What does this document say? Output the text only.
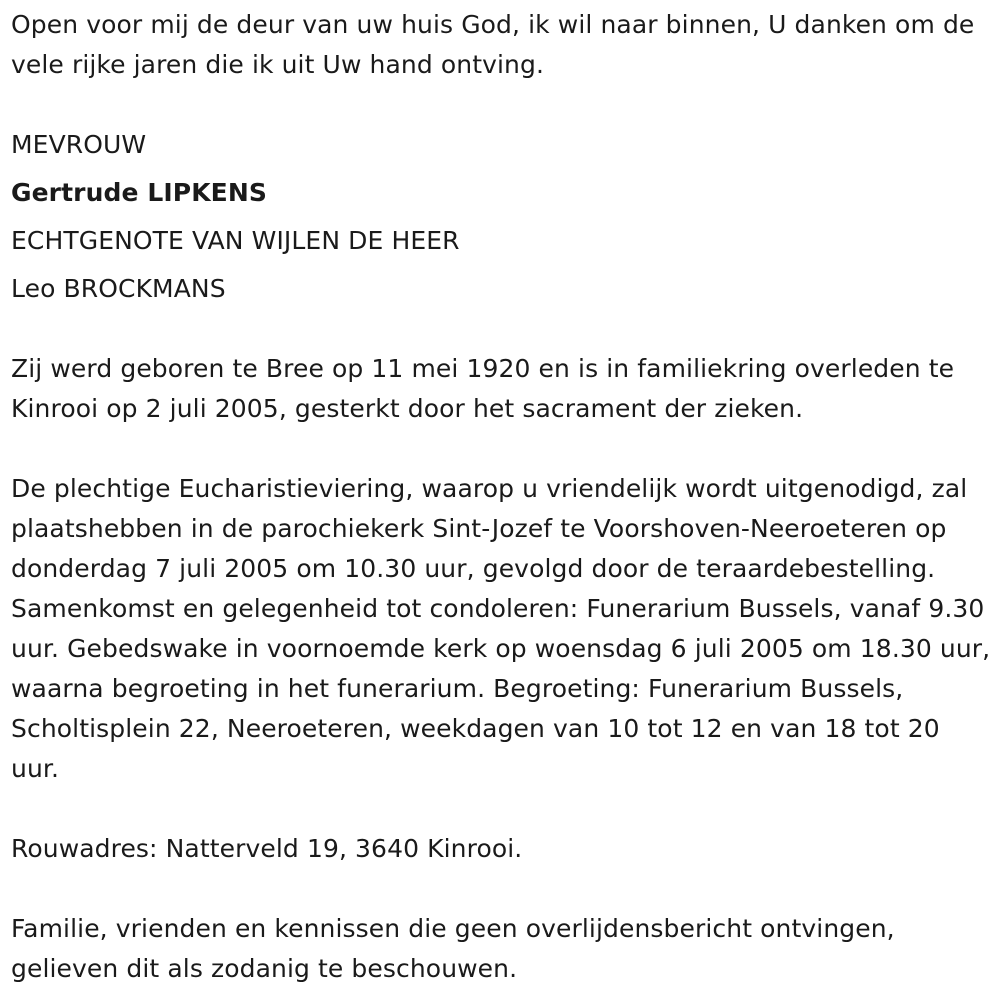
Open voor mij de deur van uw huis God, ik wil naar binnen, U danken om de vele rijke jaren die ik uit Uw hand ontving.

MEVROUW
Gertrude LIPKENS
ECHTGENOTE VAN WIJLEN DE HEER
Leo BROCKMANS

Zij werd geboren te Bree op 11 mei 1920 en is in familiekring overleden te Kinrooi op 2 juli 2005, gesterkt door het sacrament der zieken.

De plechtige Eucharistieviering, waarop u vriendelijk wordt uitgenodigd, zal plaatshebben in de parochiekerk Sint-Jozef te Voorshoven-Neeroeteren op donderdag 7 juli 2005 om 10.30 uur, gevolgd door de teraardebestelling. Samenkomst en gelegenheid tot condoleren: Funerarium Bussels, vanaf 9.30 uur. Gebedswake in voornoemde kerk op woensdag 6 juli 2005 om 18.30 uur, waarna begroeting in het funerarium. Begroeting: Funerarium Bussels, Scholtisplein 22, Neeroeteren, weekdagen van 10 tot 12 en van 18 tot 20 uur.

Rouwadres: Natterveld 19, 3640 Kinrooi.

Familie, vrienden en kennissen die geen overlijdensbericht ontvingen, gelieven dit als zodanig te beschouwen.
